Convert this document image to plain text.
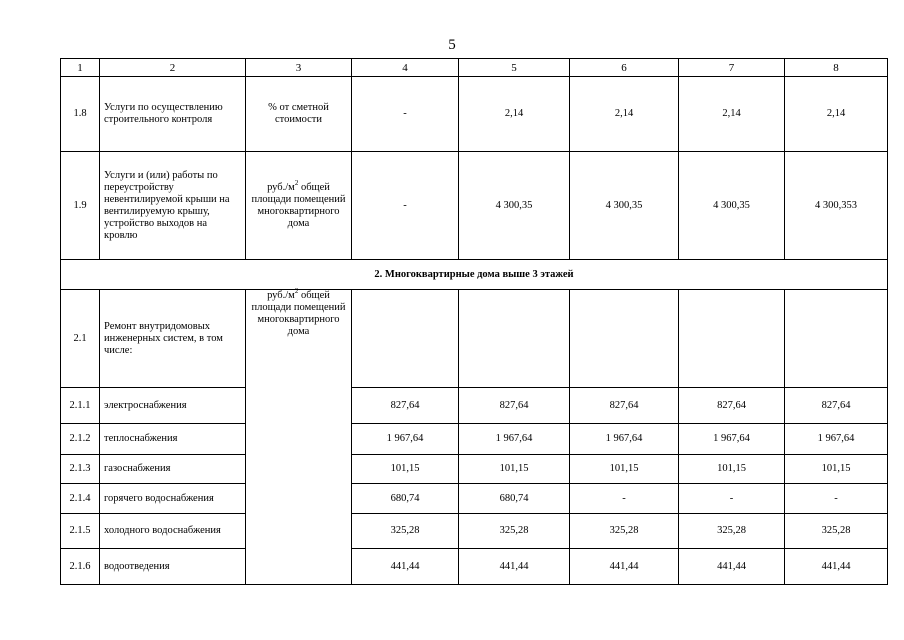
5
1	2	3	4	5	6	7	8
1.8	Услуги по осуществлению строительного контроля	% от сметной стоимости	-	2,14	2,14	2,14	2,14
1.9	Услуги и (или) работы по переустройству невентилируемой крыши на вентилируемую крышу, устройство выходов на кровлю	$руб./м^2$ общей площади помещений многоквартирного дома	-	4 300,35	4 300,35	4 300,35	4 300,353
2. Многоквартирные дома выше 3 этажей							
2.1	Ремонт внутридомовых инженерных систем, в том числе:	$руб./м^2$ общей площади помещений многоквартирного дома					
2.1.1	электроснабжения		827,64	827,64	827,64	827,64	827,64
2.1.2	теплоснабжения		1 967,64	1 967,64	1 967,64	1 967,64	1 967,64
2.1.3	газоснабжения		101,15	101,15	101,15	101,15	101,15
2.1.4	горячего водоснабжения		680,74	680,74	-	-	-
2.1.5	холодного водоснабжения		325,28	325,28	325,28	325,28	325,28
2.1.6	водоотведения		441,44	441,44	441,44	441,44	441,44
